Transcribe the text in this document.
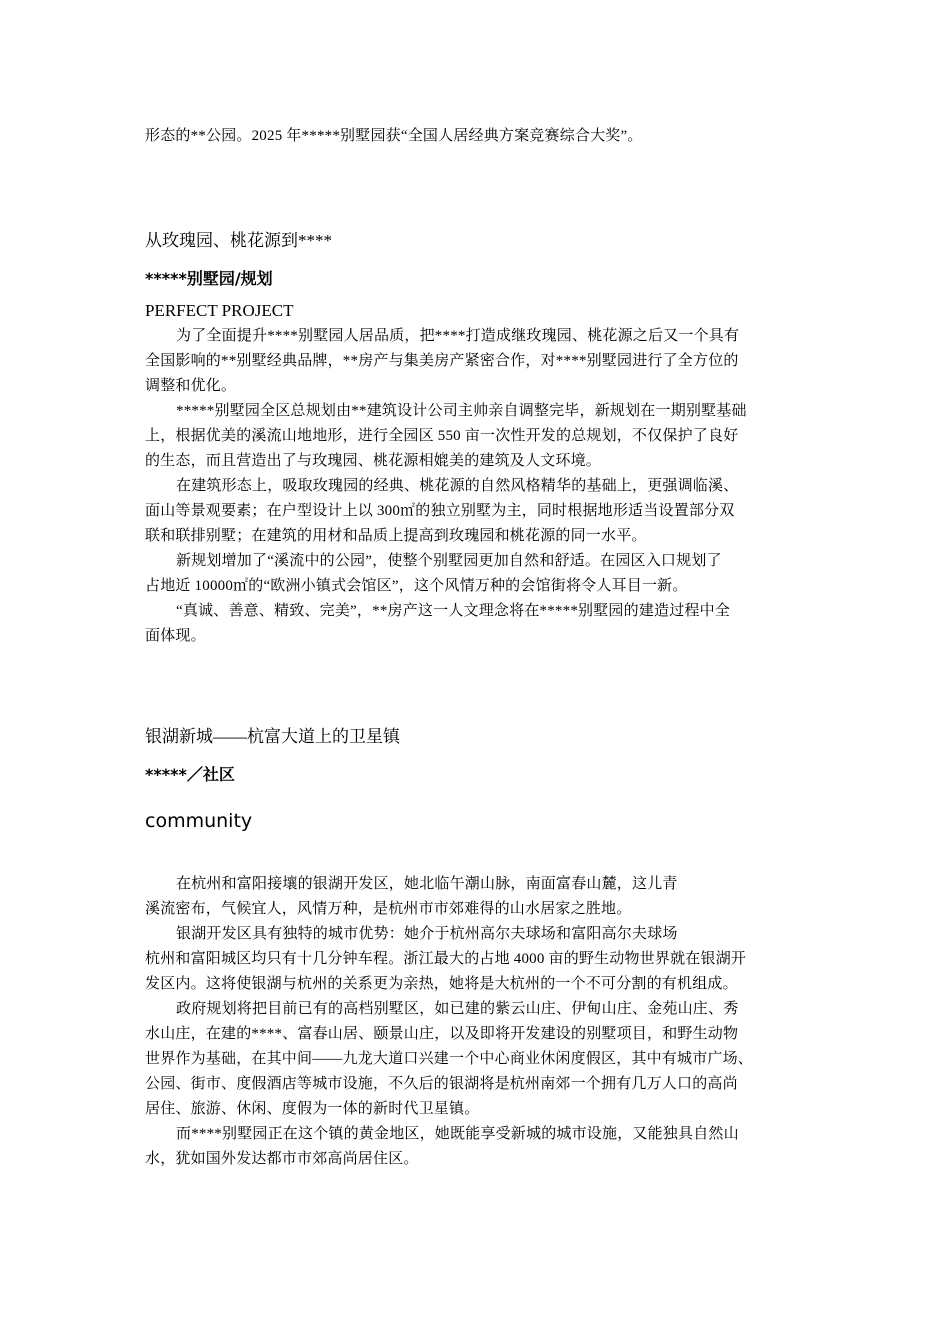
形态的**公园。2025 年*****别墅园获“全国人居经典方案竞赛综合大奖”。
从玫瑰园、桃花源到****
*****别墅园/规划
PERFECT PROJECT
为了全面提升****别墅园人居品质，把****打造成继玫瑰园、桃花源之后又一个具有
全国影响的**别墅经典品牌，**房产与集美房产紧密合作，对****别墅园进行了全方位的
调整和优化。
*****别墅园全区总规划由**建筑设计公司主帅亲自调整完毕，新规划在一期别墅基础
上，根据优美的溪流山地地形，进行全园区 550 亩一次性开发的总规划，不仅保护了良好
的生态，而且营造出了与玫瑰园、桃花源相媲美的建筑及人文环境。
在建筑形态上，吸取玫瑰园的经典、桃花源的自然风格精华的基础上，更强调临溪、
面山等景观要素；在户型设计上以 300㎡的独立别墅为主，同时根据地形适当设置部分双
联和联排别墅；在建筑的用材和品质上提高到玫瑰园和桃花源的同一水平。
新规划增加了“溪流中的公园”，使整个别墅园更加自然和舒适。在园区入口规划了
占地近 10000㎡的“欧洲小镇式会馆区”，这个风情万种的会馆街将令人耳目一新。
“真诚、善意、精致、完美”，**房产这一人文理念将在*****别墅园的建造过程中全
面体现。
银湖新城——杭富大道上的卫星镇
*****／社区
community
在杭州和富阳接壤的银湖开发区，她北临午潮山脉，南面富春山麓，这儿青
溪流密布，气候宜人，风情万种，是杭州市市郊难得的山水居家之胜地。
银湖开发区具有独特的城市优势：她介于杭州高尔夫球场和富阳高尔夫球场
杭州和富阳城区均只有十几分钟车程。浙江最大的占地 4000 亩的野生动物世界就在银湖开
发区内。这将使银湖与杭州的关系更为亲热，她将是大杭州的一个不可分割的有机组成。
政府规划将把目前已有的高档别墅区，如已建的紫云山庄、伊甸山庄、金苑山庄、秀
水山庄，在建的****、富春山居、颐景山庄，以及即将开发建设的别墅项目，和野生动物
世界作为基础，在其中间——九龙大道口兴建一个中心商业休闲度假区，其中有城市广场、
公园、街市、度假酒店等城市设施，不久后的银湖将是杭州南郊一个拥有几万人口的高尚
居住、旅游、休闲、度假为一体的新时代卫星镇。
而****别墅园正在这个镇的黄金地区，她既能享受新城的城市设施，又能独具自然山
水，犹如国外发达都市市郊高尚居住区。
